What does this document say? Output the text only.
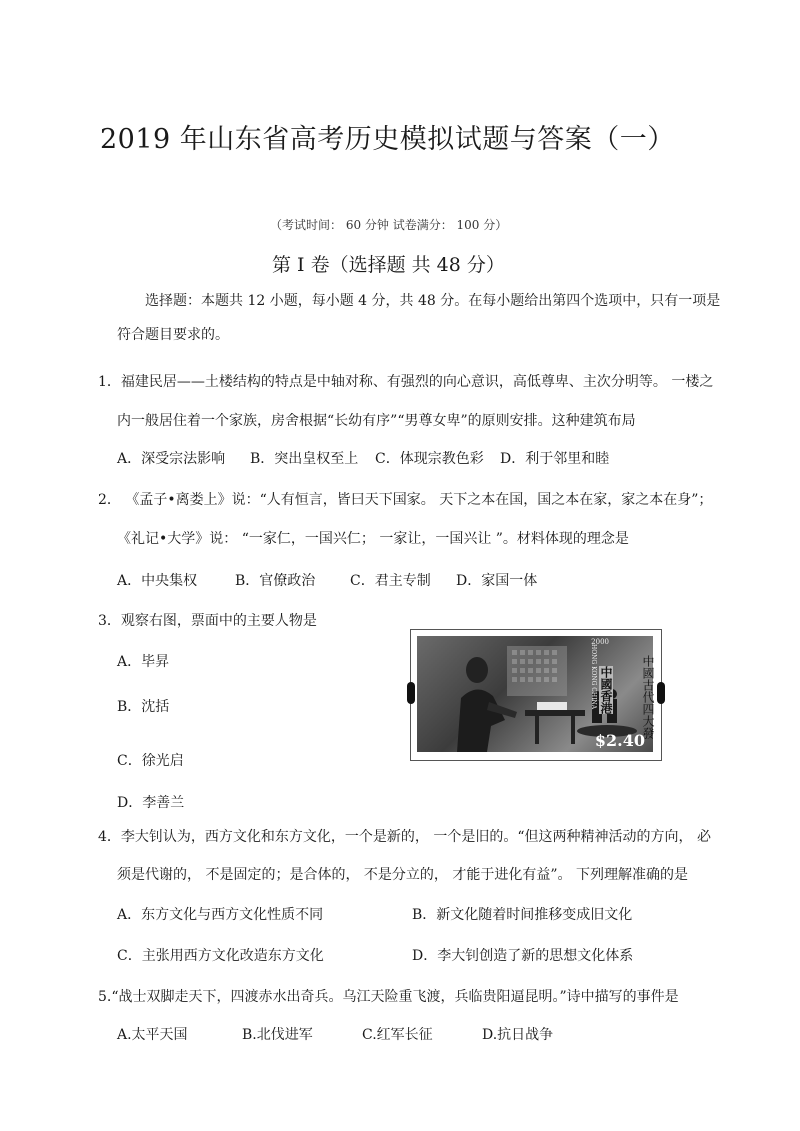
2019 年山东省高考历史模拟试题与答案（一）
（考试时间： 60 分钟 试卷满分： 100 分）
第 I 卷（选择题 共 48 分）
选择题：本题共 12 小题，每小题 4 分，共 48 分。在每小题给出第四个选项中，只有一项是
符合题目要求的。
1．福建民居——土楼结构的特点是中轴对称、有强烈的向心意识，高低尊卑、主次分明等。 一楼之
内一般居住着一个家族，房舍根据“长幼有序”“男尊女卑”的原则安排。这种建筑布局
A．深受宗法影响 B．突出皇权至上 C．体现宗教色彩 D．利于邻里和睦
2． 《孟子•离娄上》说：“人有恒言，皆曰天下国家。 天下之本在国，国之本在家，家之本在身”；
《礼记•大学》说： “一家仁，一国兴仁； 一家让，一国兴让 ”。材料体现的理念是
A．中央集权	B．官僚政治 C．君主专制 D．家国一体
3．观察右图，票面中的主要人物是
A．毕昇
B．沈括
C．徐光启
D．李善兰
中國香港
HONG KONG CHINA
2000
$2.40
中國古代四大發
4．李大钊认为，西方文化和东方文化，一个是新的， 一个是旧的。“但这两种精神活动的方向， 必
须是代谢的， 不是固定的；是合体的， 不是分立的， 才能于进化有益”。 下列理解准确的是
A．东方文化与西方文化性质不同	B．新文化随着时间推移变成旧文化
C．主张用西方文化改造东方文化	D．李大钊创造了新的思想文化体系
5.“战士双脚走天下，四渡赤水出奇兵。乌江天险重飞渡，兵临贵阳逼昆明。”诗中描写的事件是
A.太平天国	B.北伐进军	C.红军长征	D.抗日战争
